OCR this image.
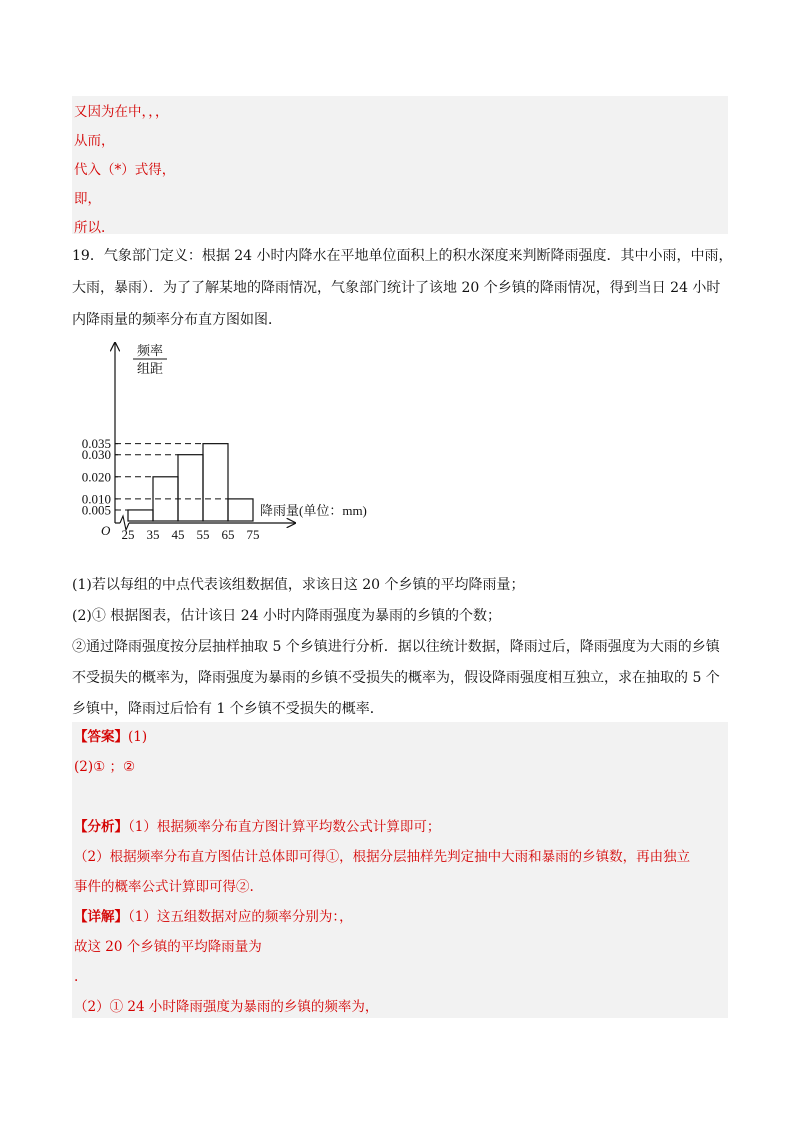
又因为在中，，，
从而，
代入（*）式得，
即，
所以.
19．气象部门定义：根据 24 小时内降水在平地单位面积上的积水深度来判断降雨强度．其中小雨，中雨，
大雨，暴雨）．为了了解某地的降雨情况，气象部门统计了该地 20 个乡镇的降雨情况，得到当日 24 小时
内降雨量的频率分布直方图如图．
0.005
0.010
0.020
0.030
0.035
25 35 45 55 65 75
O
频率
组距
降雨量(单位：mm)
(1)若以每组的中点代表该组数据值，求该日这 20 个乡镇的平均降雨量；
(2)① 根据图表，估计该日 24 小时内降雨强度为暴雨的乡镇的个数；
②通过降雨强度按分层抽样抽取 5 个乡镇进行分析．据以往统计数据，降雨过后，降雨强度为大雨的乡镇
不受损失的概率为，降雨强度为暴雨的乡镇不受损失的概率为，假设降雨强度相互独立，求在抽取的 5 个
乡镇中，降雨过后恰有 1 个乡镇不受损失的概率．
【答案】(1)
(2)① ；②
【分析】（1）根据频率分布直方图计算平均数公式计算即可；
（2）根据频率分布直方图估计总体即可得①，根据分层抽样先判定抽中大雨和暴雨的乡镇数，再由独立
事件的概率公式计算即可得②.
【详解】（1）这五组数据对应的频率分别为：，
故这 20 个乡镇的平均降雨量为
.
（2）① 24 小时降雨强度为暴雨的乡镇的频率为，
